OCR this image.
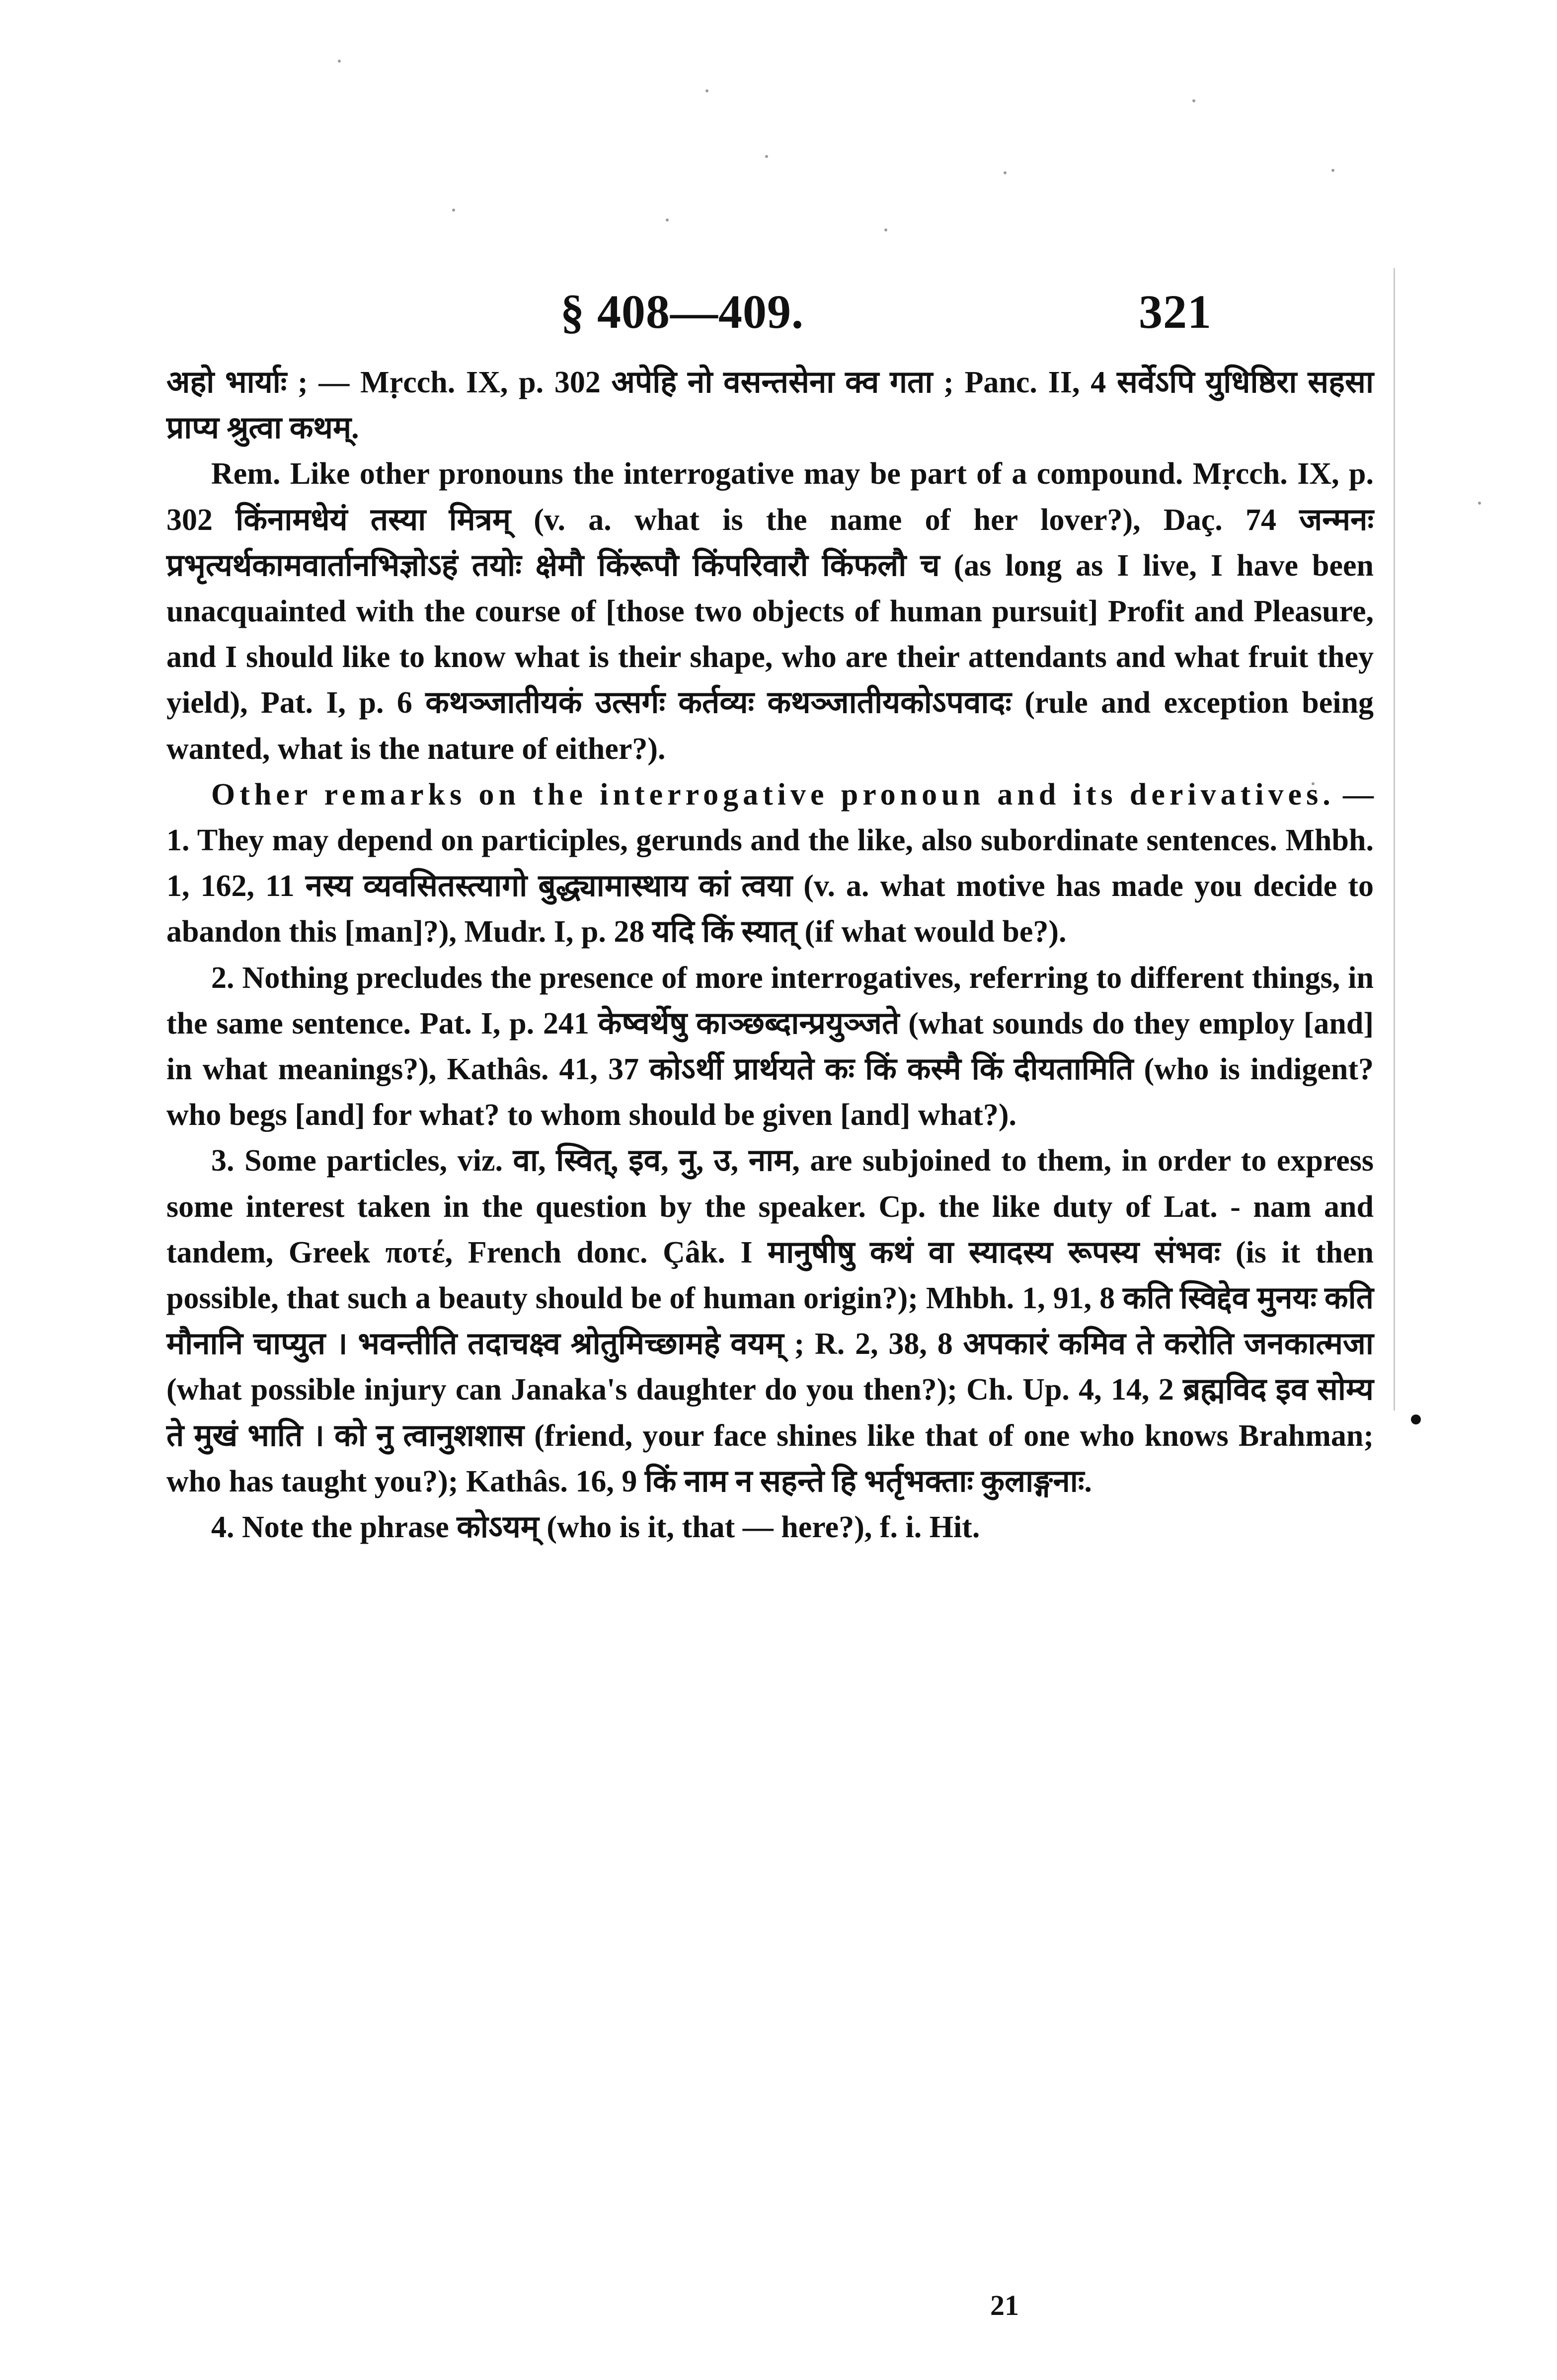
§ 408—409.	321

अहो भार्याः ; — Mṛcch. IX, p. 302 अपेहि नो वसन्तसेना क्व गता ; Panc. II, 4 सर्वेऽपि युधिष्ठिरा सहसा प्राप्य श्रुत्वा कथम्.

Rem. Like other pronouns the interrogative may be part of a compound. Mṛcch. IX, p. 302 किंनामधेयं तस्या मित्रम् (v. a. what is the name of her lover?), Daç. 74 जन्मनः प्रभृत्यर्थकामवार्तानभिज्ञोऽहं तयोः क्षेमौ किंरूपौ किंपरिवारौ किंफलौ च (as long as I live, I have been unacquainted with the course of [those two objects of human pursuit] Profit and Pleasure, and I should like to know what is their shape, who are their attendants and what fruit they yield), Pat. I, p. 6 कथञ्जातीयकं उत्सर्गः कर्तव्यः कथञ्जातीयकोऽपवादः (rule and exception being wanted, what is the nature of either?).

Other remarks on the interrogative pronoun and its derivatives. — 1. They may depend on participles, gerunds and the like, also subordinate sentences. Mhbh. 1, 162, 11 नस्य व्यवसितस्त्यागो बुद्ध्यामास्थाय कां त्वया (v. a. what motive has made you decide to abandon this [man]?), Mudr. I, p. 28 यदि किं स्यात् (if what would be?).

2. Nothing precludes the presence of more interrogatives, referring to different things, in the same sentence. Pat. I, p. 241 केष्वर्थेषु काञ्छब्दान्प्रयुञ्जते (what sounds do they employ [and] in what meanings?), Kathâs. 41, 37 कोऽर्थी प्रार्थयते कः किं कस्मै किं दीयतामिति (who is indigent? who begs [and] for what? to whom should be given [and] what?).

3. Some particles, viz. वा, स्वित्, इव, नु, उ, नाम, are subjoined to them, in order to express some interest taken in the question by the speaker. Cp. the like duty of Lat. - nam and tandem, Greek ποτέ, French donc. Çâk. I मानुषीषु कथं वा स्यादस्य रूपस्य संभवः (is it then possible, that such a beauty should be of human origin?); Mhbh. 1, 91, 8 कति स्विद्देव मुनयः कति मौनानि चाप्युत । भवन्तीति तदाचक्ष्व श्रोतुमिच्छामहे वयम् ; R. 2, 38, 8 अपकारं कमिव ते करोति जनकात्मजा (what possible injury can Janaka's daughter do you then?); Ch. Up. 4, 14, 2 ब्रह्मविद इव सोम्य ते मुखं भाति । को नु त्वानुशशास (friend, your face shines like that of one who knows Brahman; who has taught you?); Kathâs. 16, 9 किं नाम न सहन्ते हि भर्तृभक्ताः कुलाङ्गनाः.

4. Note the phrase कोऽयम् (who is it, that — here?), f. i. Hit.

21
